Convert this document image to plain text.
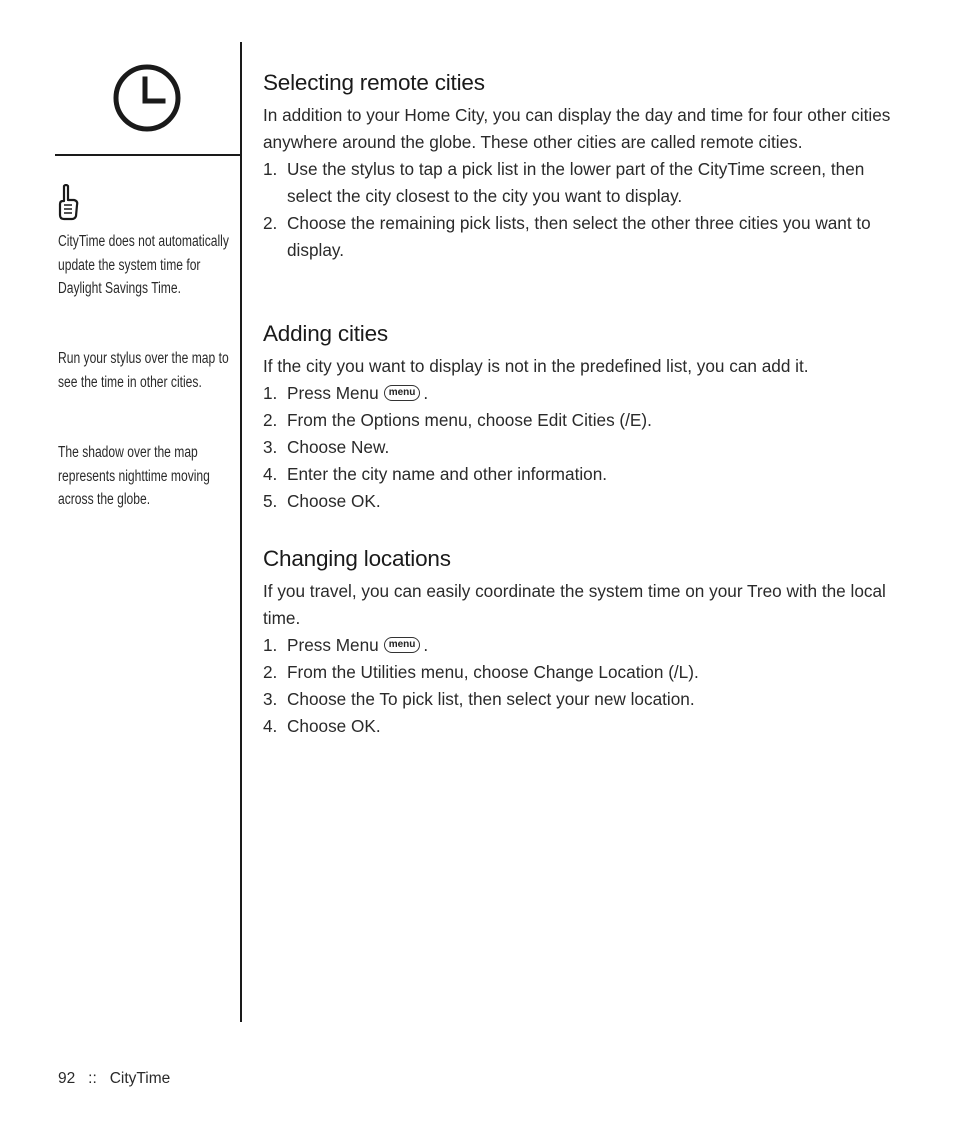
CityTime does not automatically update the system time for Daylight Savings Time.
Run your stylus over the map to see the time in other cities.
The shadow over the map represents nighttime moving across the globe.
Selecting remote cities

In addition to your Home City, you can display the day and time for four other cities anywhere around the globe. These other cities are called remote cities.

1. Use the stylus to tap a pick list in the lower part of the CityTime screen, then select the city closest to the city you want to display.
2. Choose the remaining pick lists, then select the other three cities you want to display.
Adding cities

If the city you want to display is not in the predefined list, you can add it.

1. Press Menu menu .
2. From the Options menu, choose Edit Cities (/E).
3. Choose New.
4. Enter the city name and other information.
5. Choose OK.
Changing locations

If you travel, you can easily coordinate the system time on your Treo with the local time.

1. Press Menu menu .
2. From the Utilities menu, choose Change Location (/L).
3. Choose the To pick list, then select your new location.
4. Choose OK.
92 :: CityTime
